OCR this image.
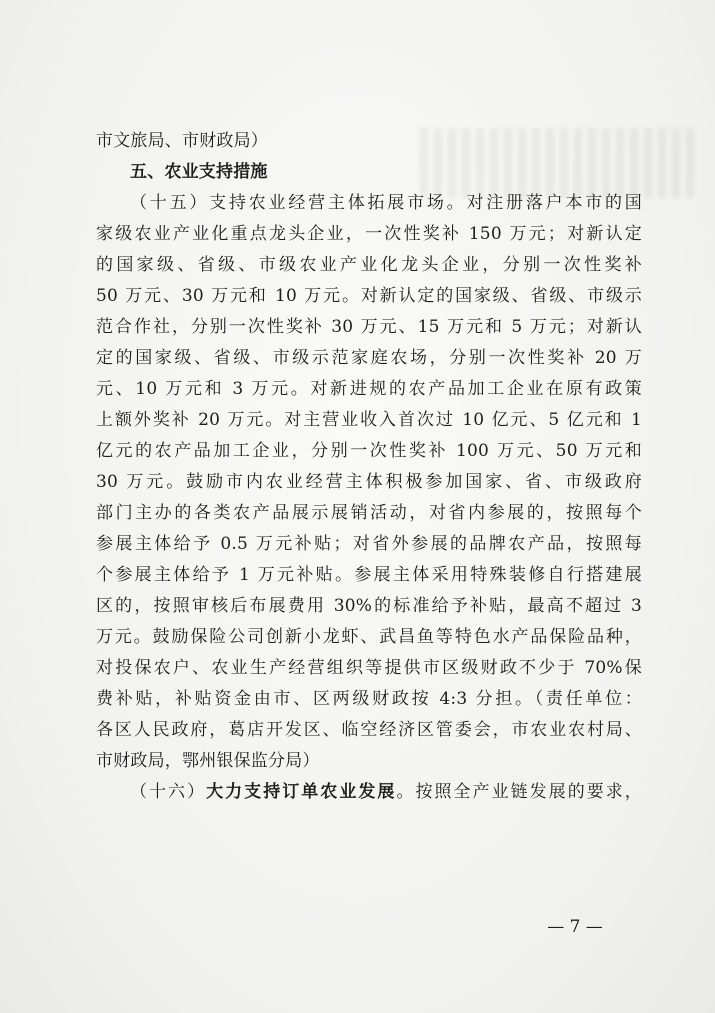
市文旅局、市财政局）
五、农业支持措施
（十五）支持农业经营主体拓展市场。对注册落户本市的国
家级农业产业化重点龙头企业，一次性奖补 150 万元；对新认定
的国家级、省级、市级农业产业化龙头企业，分别一次性奖补
50 万元、30 万元和 10 万元。对新认定的国家级、省级、市级示
范合作社，分别一次性奖补 30 万元、15 万元和 5 万元；对新认
定的国家级、省级、市级示范家庭农场，分别一次性奖补 20 万
元、10 万元和 3 万元。对新进规的农产品加工企业在原有政策
上额外奖补 20 万元。对主营业收入首次过 10 亿元、5 亿元和 1
亿元的农产品加工企业，分别一次性奖补 100 万元、50 万元和
30 万元。鼓励市内农业经营主体积极参加国家、省、市级政府
部门主办的各类农产品展示展销活动，对省内参展的，按照每个
参展主体给予 0.5 万元补贴；对省外参展的品牌农产品，按照每
个参展主体给予 1 万元补贴。参展主体采用特殊装修自行搭建展
区的，按照审核后布展费用 30%的标准给予补贴，最高不超过 3
万元。鼓励保险公司创新小龙虾、武昌鱼等特色水产品保险品种，
对投保农户、农业生产经营组织等提供市区级财政不少于 70%保
费补贴，补贴资金由市、区两级财政按 4:3 分担。（责任单位：
各区人民政府，葛店开发区、临空经济区管委会，市农业农村局、
市财政局，鄂州银保监分局）
（十六）大力支持订单农业发展。按照全产业链发展的要求，
— 7 —
